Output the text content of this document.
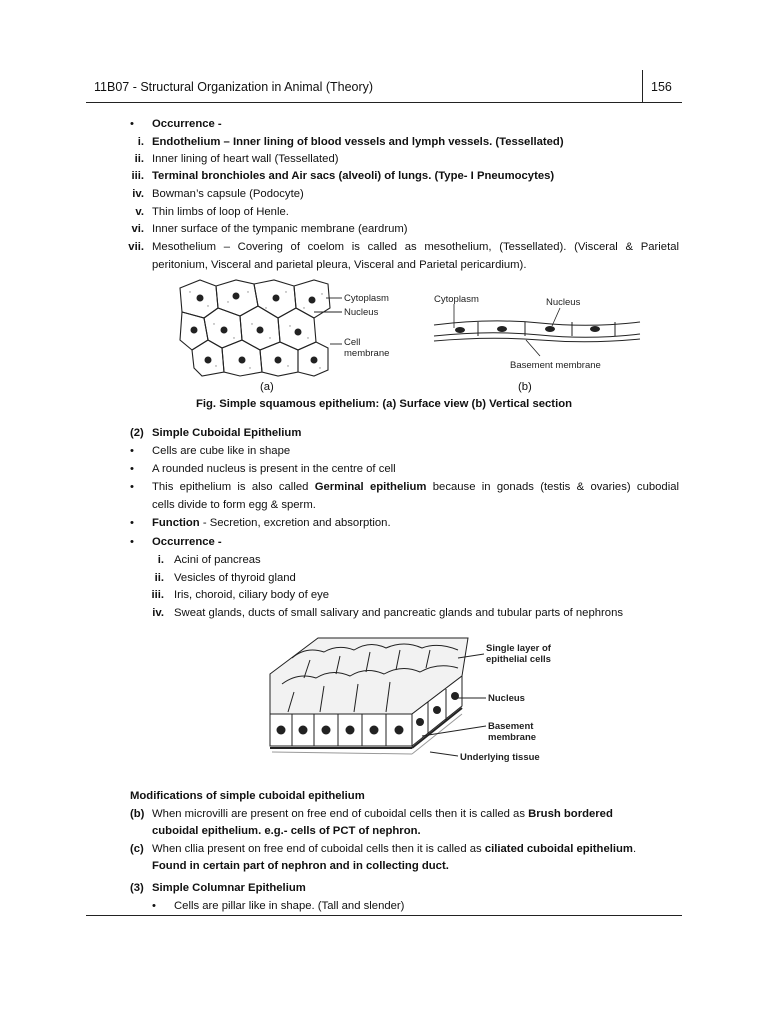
11B07 - Structural Organization in Animal (Theory)	156
• Occurrence -
i. Endothelium – Inner lining of blood vessels and lymph vessels. (Tessellated)
ii. Inner lining of heart wall (Tessellated)
iii. Terminal bronchioles and Air sacs (alveoli) of lungs. (Type- I Pneumocytes)
iv. Bowman’s capsule (Podocyte)
v. Thin limbs of loop of Henle.
vi. Inner surface of the tympanic membrane (eardrum)
vii. Mesothelium – Covering of coelom is called as mesothelium, (Tessellated). (Visceral & Parietal
peritonium, Visceral and parietal pleura, Visceral and Parietal pericardium).
Cytoplasm
Nucleus
Cell
membrane
Cytoplasm	Nucleus
Basement membrane
(a)	(b)
Fig. Simple squamous epithelium: (a) Surface view (b) Vertical section
(2) Simple Cuboidal Epithelium
• Cells are cube like in shape
• A rounded nucleus is present in the centre of cell
• This epithelium is also called Germinal epithelium because in gonads (testis & ovaries) cubodial
cells divide to form egg & sperm.
• Function - Secretion, excretion and absorption.
• Occurrence -
i. Acini of pancreas
ii. Vesicles of thyroid gland
iii. Iris, choroid, ciliary body of eye
iv. Sweat glands, ducts of small salivary and pancreatic glands and tubular parts of nephrons
Single layer of
epithelial cells
Nucleus
Basement
membrane
Underlying tissue
Modifications of simple cuboidal epithelium
(b) When microvilli are present on free end of cuboidal cells then it is called as Brush bordered
cuboidal epithelium. e.g.- cells of PCT of nephron.
(c) When cllia present on free end of cuboidal cells then it is called as ciliated cuboidal epithelium.
Found in certain part of nephron and in collecting duct.
(3) Simple Columnar Epithelium
• Cells are pillar like in shape. (Tall and slender)
